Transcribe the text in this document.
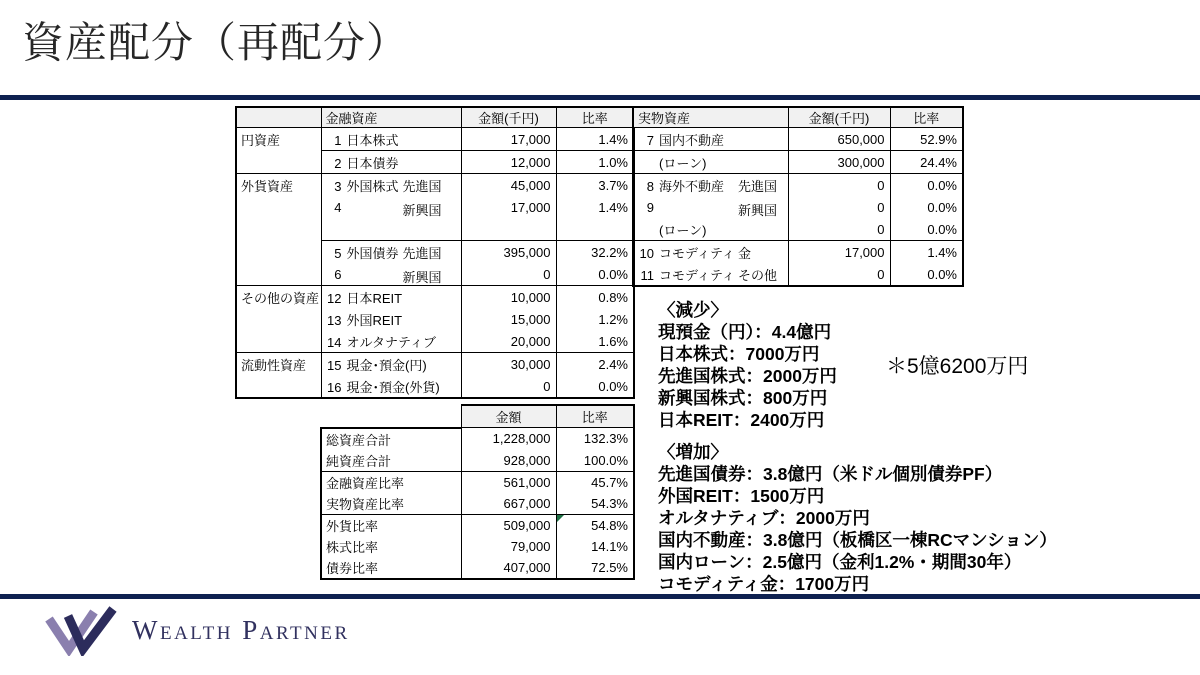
資産配分（再配分）
	金融資産	金額(千円)	比率
円資産	1 日本株式	17,000	1.4%

	2 日本債券	12,000	1.0%
外貨資産	3 外国株式 先進国	45,000	3.7%

	4 新興国	17,000	1.4%

	5 外国債券 先進国	395,000	32.2%

	6 新興国	0	0.0%
その他の資産	12 日本REIT	10,000	0.8%

	13 外国REIT	15,000	1.2%

	14 オルタナティブ	20,000	1.6%
流動性資産	15 現金･預金(円)	30,000	2.4%

	16 現金･預金(外貨)	0	0.0%
実物資産	金額(千円)	比率

7 国内不動産	650,000	52.9%

(ローン)	300,000	24.4%

8 海外不動産 先進国	0	0.0%

9 新興国	0	0.0%

(ローン)	0	0.0%

10 コモディティ 金	17,000	1.4%

11 コモディティ その他	0	0.0%
	金額	比率
総資産合計	1,228,000	132.3%
純資産合計	928,000	100.0%
金融資産比率	561,000	45.7%
実物資産比率	667,000	54.3%
外貨比率	509,000	54.8%
株式比率	79,000	14.1%
債券比率	407,000	72.5%
〈減少〉
現預金（円）：4.4億円
日本株式：7000万円
先進国株式：2000万円
新興国株式：800万円
日本REIT：2400万円
＊5億6200万円
〈増加〉
先進国債券：3.8億円（米ドル個別債券PF）
外国REIT：1500万円
オルタナティブ：2000万円
国内不動産：3.8億円（板橋区一棟RCマンション）
国内ローン：2.5億円（金利1.2%・期間30年）
コモディティ金：1700万円
Wealth Partner
